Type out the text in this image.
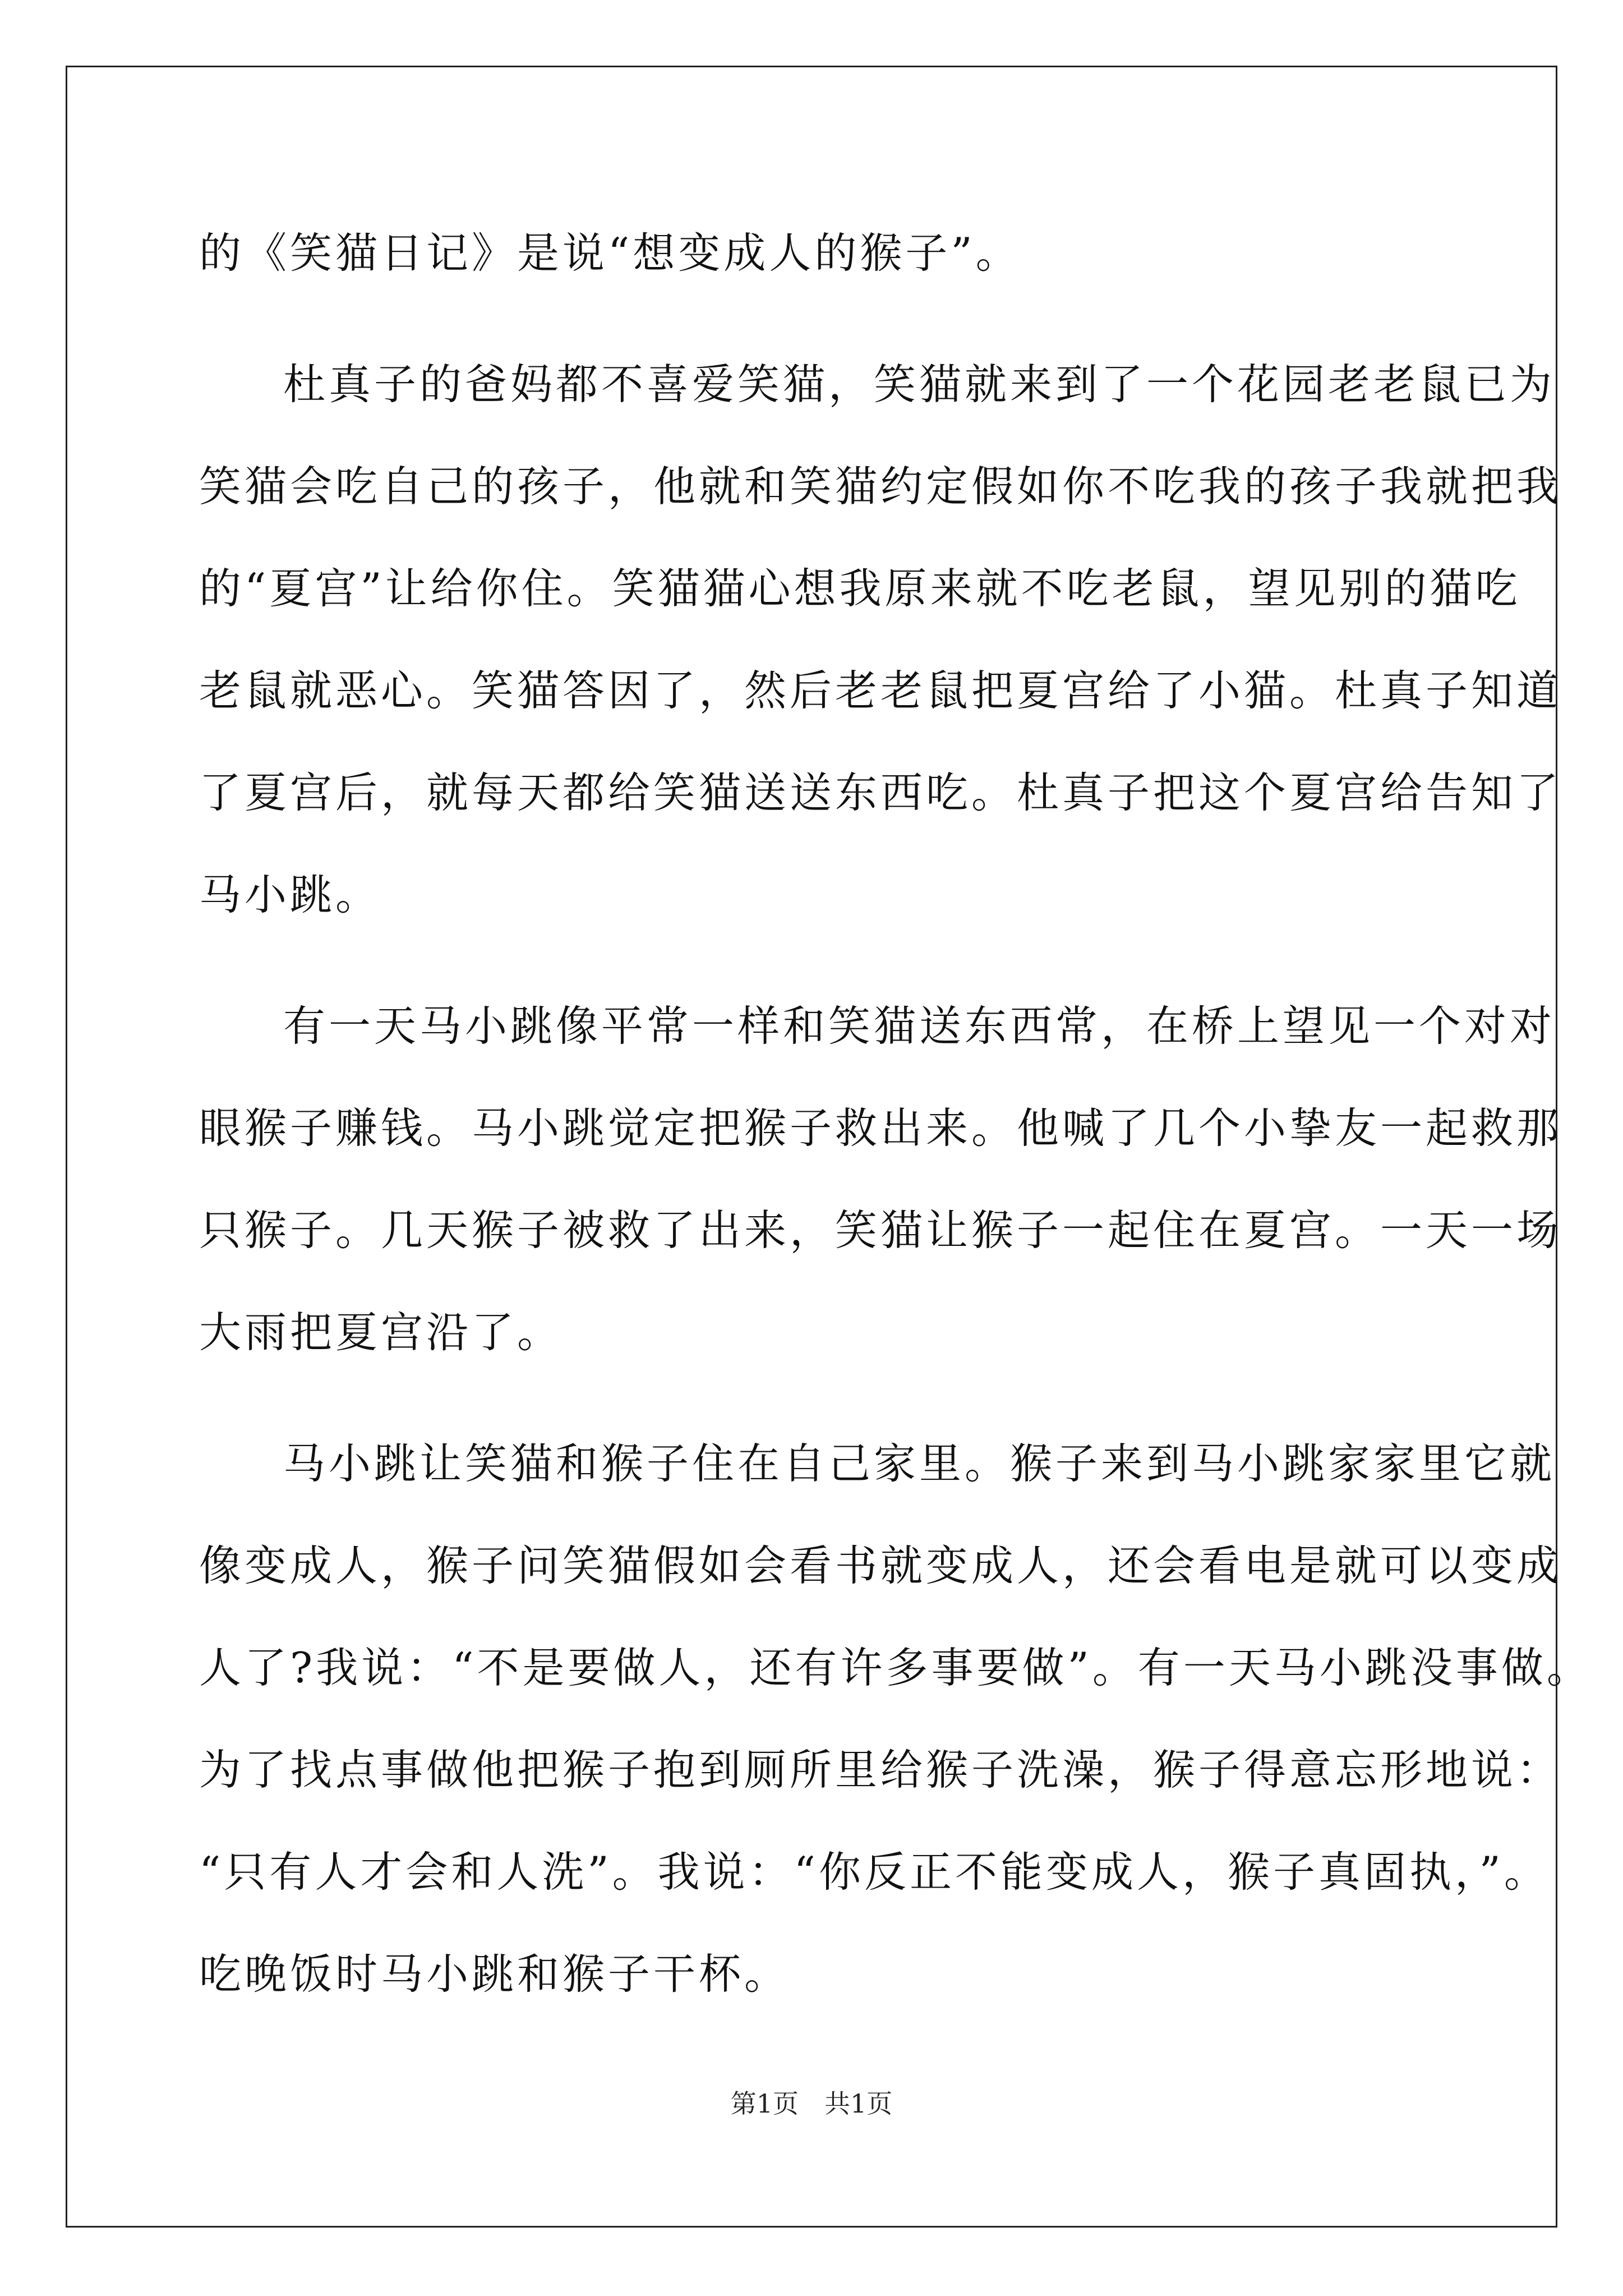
的《笑猫日记》是说“想变成人的猴子”。
杜真子的爸妈都不喜爱笑猫，笑猫就来到了一个花园老老鼠已为
笑猫会吃自己的孩子，他就和笑猫约定假如你不吃我的孩子我就把我
的“夏宫”让给你住。笑猫猫心想我原来就不吃老鼠，望见别的猫吃
老鼠就恶心。笑猫答因了，然后老老鼠把夏宫给了小猫。杜真子知道
了夏宫后，就每天都给笑猫送送东西吃。杜真子把这个夏宫给告知了
马小跳。
有一天马小跳像平常一样和笑猫送东西常，在桥上望见一个对对
眼猴子赚钱。马小跳觉定把猴子救出来。他喊了几个小挚友一起救那
只猴子。几天猴子被救了出来，笑猫让猴子一起住在夏宫。一天一场
大雨把夏宫沿了。
马小跳让笑猫和猴子住在自己家里。猴子来到马小跳家家里它就
像变成人，猴子问笑猫假如会看书就变成人，还会看电是就可以变成
人了?我说：“不是要做人，还有许多事要做”。有一天马小跳没事做。
为了找点事做他把猴子抱到厕所里给猴子洗澡，猴子得意忘形地说：
“只有人才会和人洗”。我说：“你反正不能变成人，猴子真固执，”。
吃晚饭时马小跳和猴子干杯。
第1页　共1页
